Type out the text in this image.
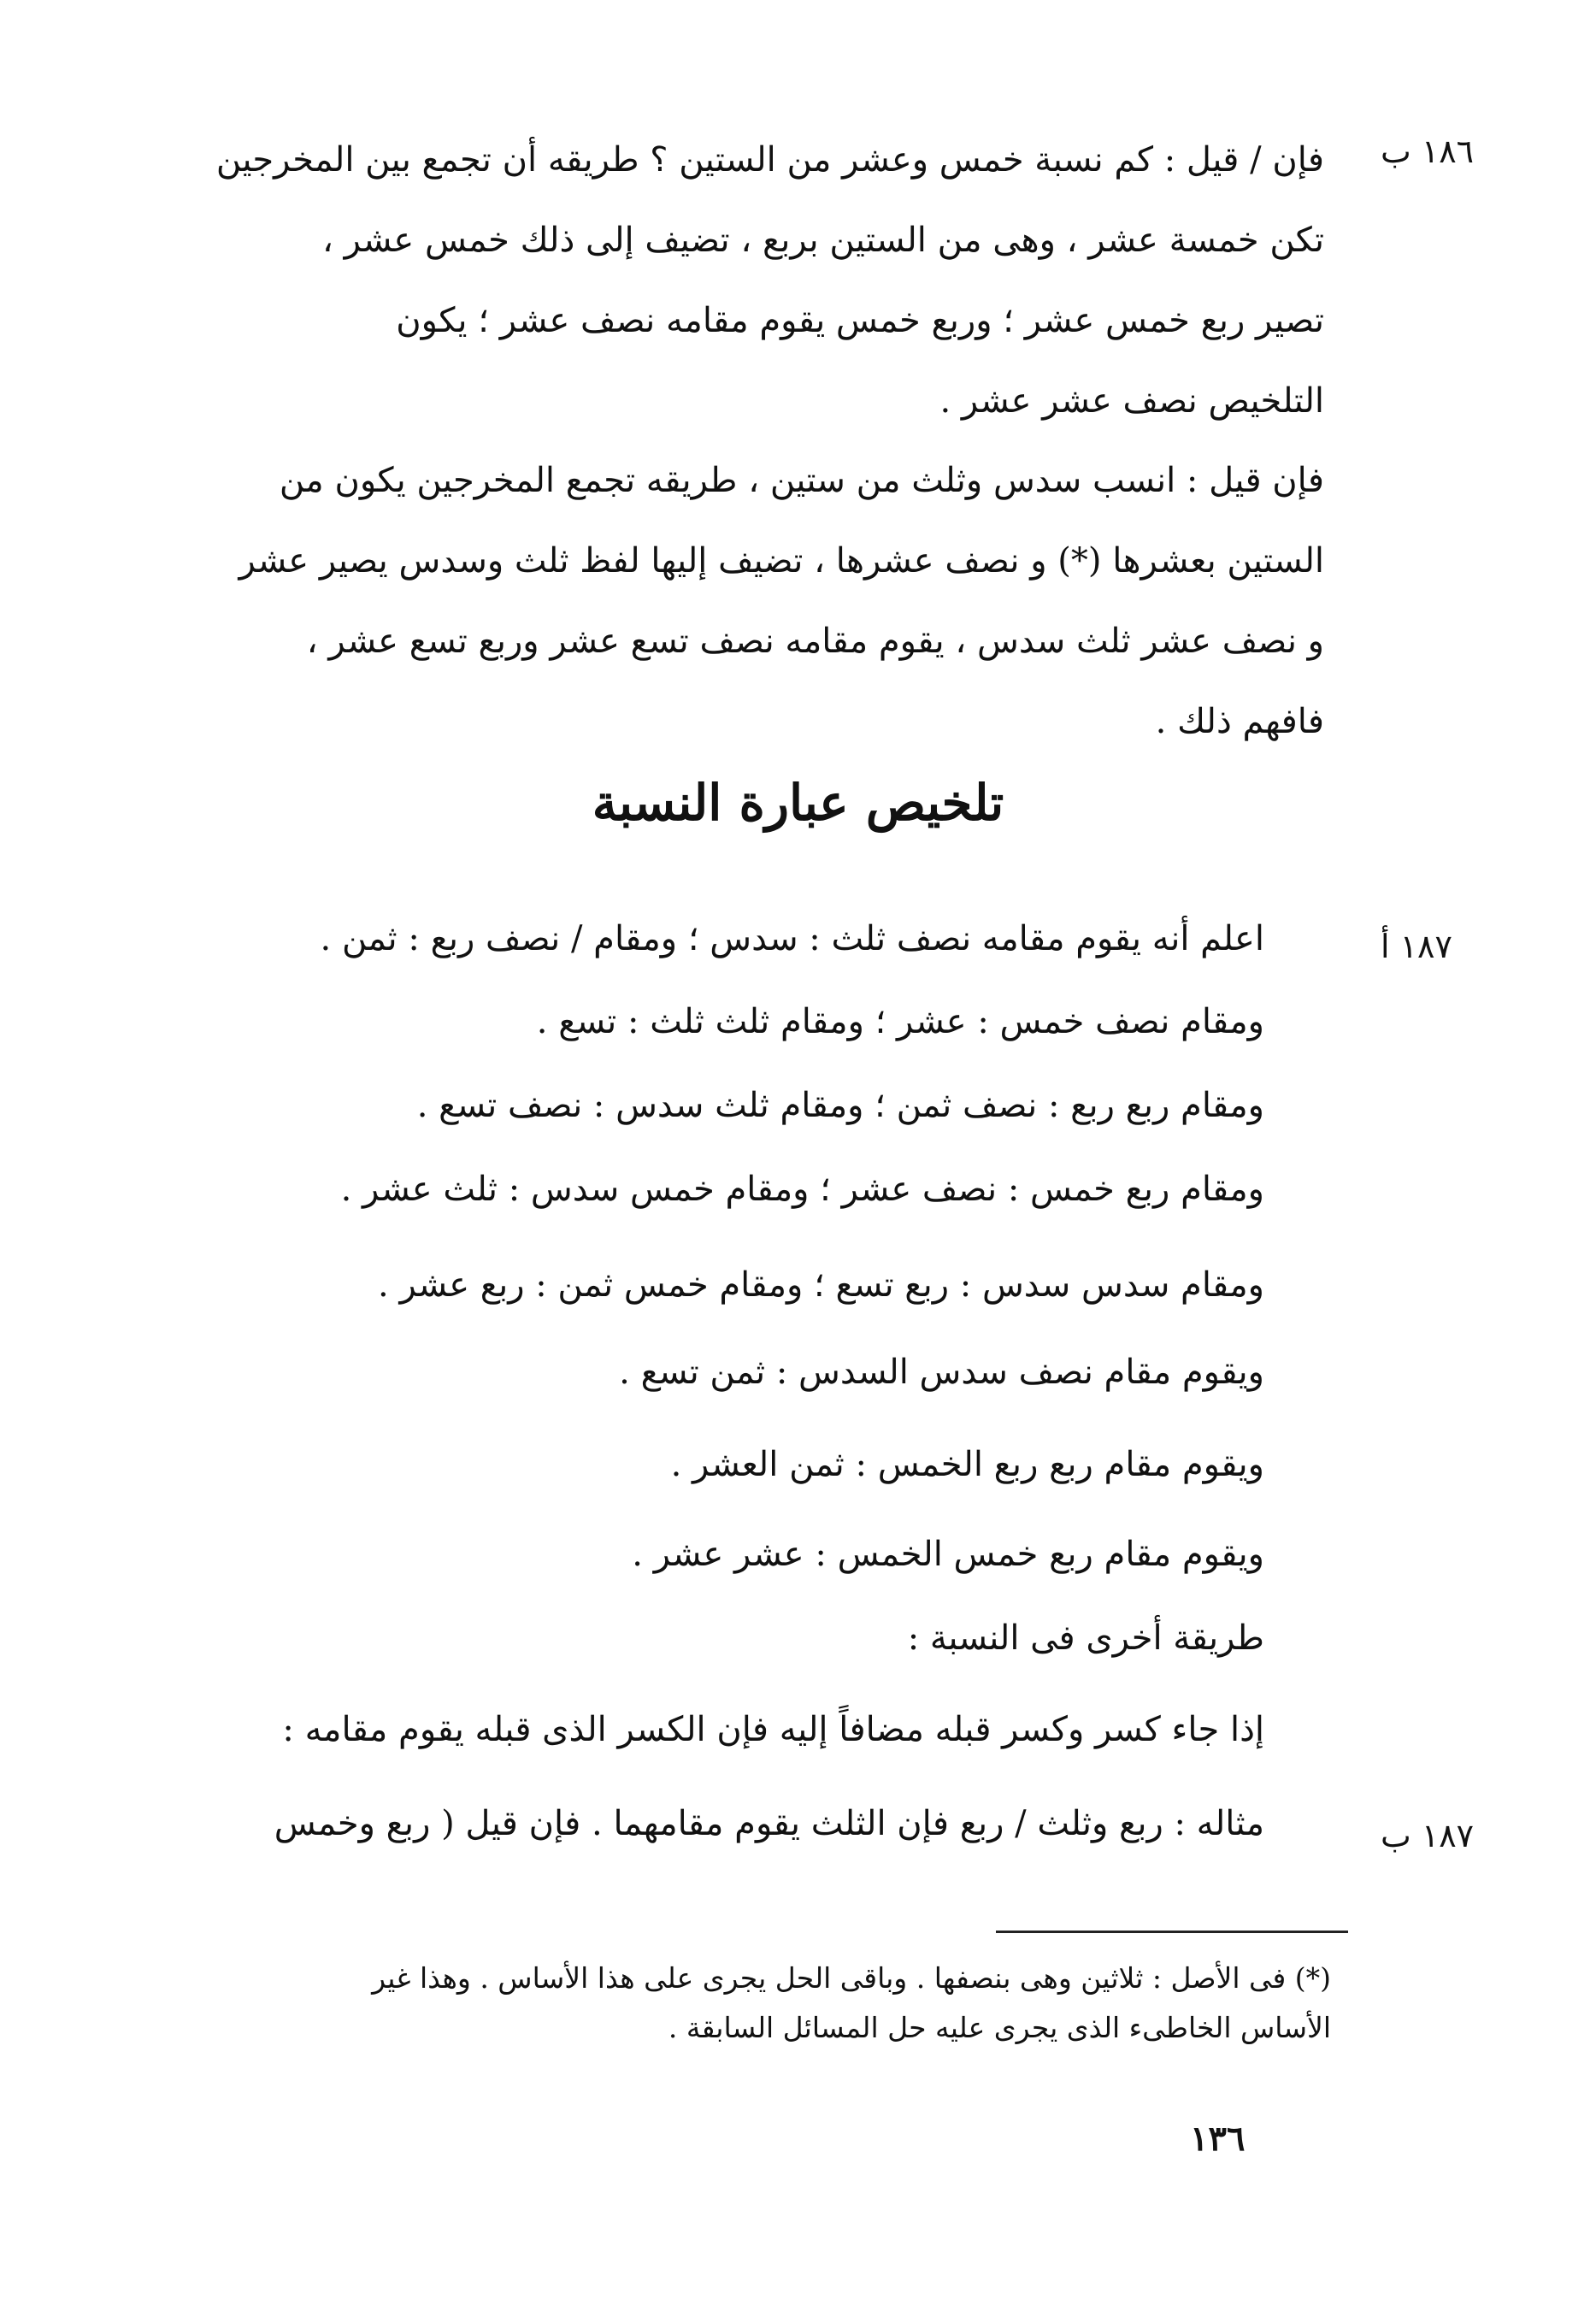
١٨٦ ب
فإن / قيل : كم نسبة خمس وعشر من الستين ؟ طريقه أن تجمع بين المخرجين
تكن خمسة عشر ، وهى من الستين بربع ، تضيف إلى ذلك خمس عشر ،
تصير ربع خمس عشر ؛ وربع خمس يقوم مقامه نصف عشر ؛ يكون
التلخيص نصف عشر عشر .
فإن قيل : انسب سدس وثلث من ستين ، طريقه تجمع المخرجين يكون من
الستين بعشرها (*) و نصف عشرها ، تضيف إليها لفظ ثلث وسدس يصير عشر
و نصف عشر ثلث سدس ، يقوم مقامه نصف تسع عشر وربع تسع عشر ،
فافهم ذلك .
تلخيص عبارة النسبة
١٨٧ أ
١٨٧ ب
اعلم أنه يقوم مقامه نصف ثلث : سدس ؛ ومقام / نصف ربع : ثمن .
ومقام نصف خمس : عشر ؛ ومقام ثلث ثلث : تسع .
ومقام ربع ربع : نصف ثمن ؛ ومقام ثلث سدس : نصف تسع .
ومقام ربع خمس : نصف عشر ؛ ومقام خمس سدس : ثلث عشر .
ومقام سدس سدس : ربع تسع ؛ ومقام خمس ثمن : ربع عشر .
ويقوم مقام نصف سدس السدس : ثمن تسع .
ويقوم مقام ربع ربع الخمس : ثمن العشر .
ويقوم مقام ربع خمس الخمس : عشر عشر .
طريقة أخرى فى النسبة :
إذا جاء كسر وكسر قبله مضافاً إليه فإن الكسر الذى قبله يقوم مقامه :
مثاله : ربع وثلث / ربع فإن الثلث يقوم مقامهما . فإن قيل ( ربع وخمس
(*) فى الأصل : ثلاثين وهى بنصفها . وباقى الحل يجرى على هذا الأساس . وهذا غير
الأساس الخاطىء الذى يجرى عليه حل المسائل السابقة .
١٣٦
